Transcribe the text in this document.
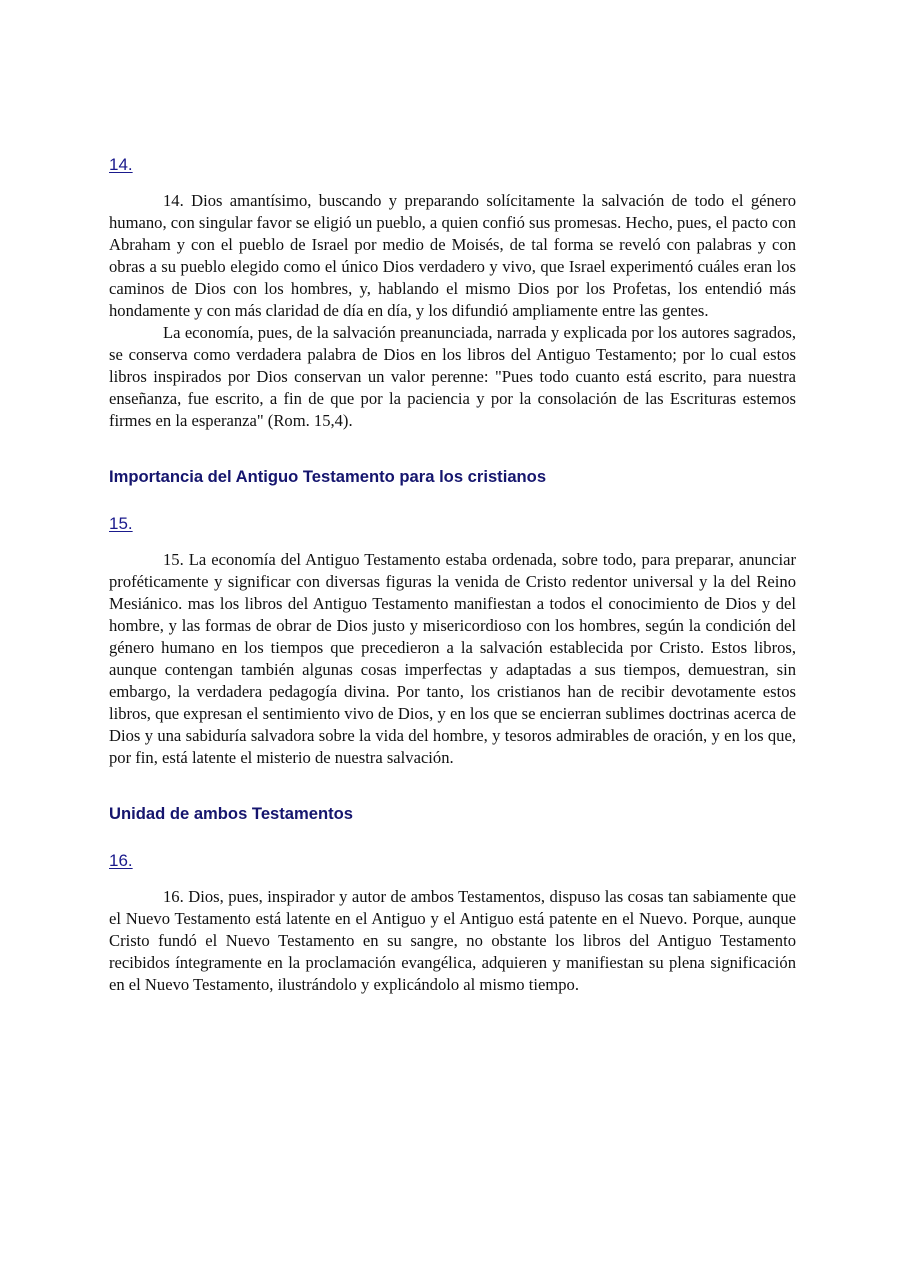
14.

14. Dios amantísimo, buscando y preparando solícitamente la salvación de todo el género humano, con singular favor se eligió un pueblo, a quien confió sus promesas. Hecho, pues, el pacto con Abraham y con el pueblo de Israel por medio de Moisés, de tal forma se reveló con palabras y con obras a su pueblo elegido como el único Dios verdadero y vivo, que Israel experimentó cuáles eran los caminos de Dios con los hombres, y, hablando el mismo Dios por los Profetas, los entendió más hondamente y con más claridad de día en día, y los difundió ampliamente entre las gentes.

La economía, pues, de la salvación preanunciada, narrada y explicada por los autores sagrados, se conserva como verdadera palabra de Dios en los libros del Antiguo Testamento; por lo cual estos libros inspirados por Dios conservan un valor perenne: "Pues todo cuanto está escrito, para nuestra enseñanza, fue escrito, a fin de que por la paciencia y por la consolación de las Escrituras estemos firmes en la esperanza" (Rom. 15,4).

Importancia del Antiguo Testamento para los cristianos
15.

15. La economía del Antiguo Testamento estaba ordenada, sobre todo, para preparar, anunciar proféticamente y significar con diversas figuras la venida de Cristo redentor universal y la del Reino Mesiánico. mas los libros del Antiguo Testamento manifiestan a todos el conocimiento de Dios y del hombre, y las formas de obrar de Dios justo y misericordioso con los hombres, según la condición del género humano en los tiempos que precedieron a la salvación establecida por Cristo. Estos libros, aunque contengan también algunas cosas imperfectas y adaptadas a sus tiempos, demuestran, sin embargo, la verdadera pedagogía divina. Por tanto, los cristianos han de recibir devotamente estos libros, que expresan el sentimiento vivo de Dios, y en los que se encierran sublimes doctrinas acerca de Dios y una sabiduría salvadora sobre la vida del hombre, y tesoros admirables de oración, y en los que, por fin, está latente el misterio de nuestra salvación.

Unidad de ambos Testamentos
16.

16. Dios, pues, inspirador y autor de ambos Testamentos, dispuso las cosas tan sabiamente que el Nuevo Testamento está latente en el Antiguo y el Antiguo está patente en el Nuevo. Porque, aunque Cristo fundó el Nuevo Testamento en su sangre, no obstante los libros del Antiguo Testamento recibidos íntegramente en la proclamación evangélica, adquieren y manifiestan su plena significación en el Nuevo Testamento, ilustrándolo y explicándolo al mismo tiempo.
